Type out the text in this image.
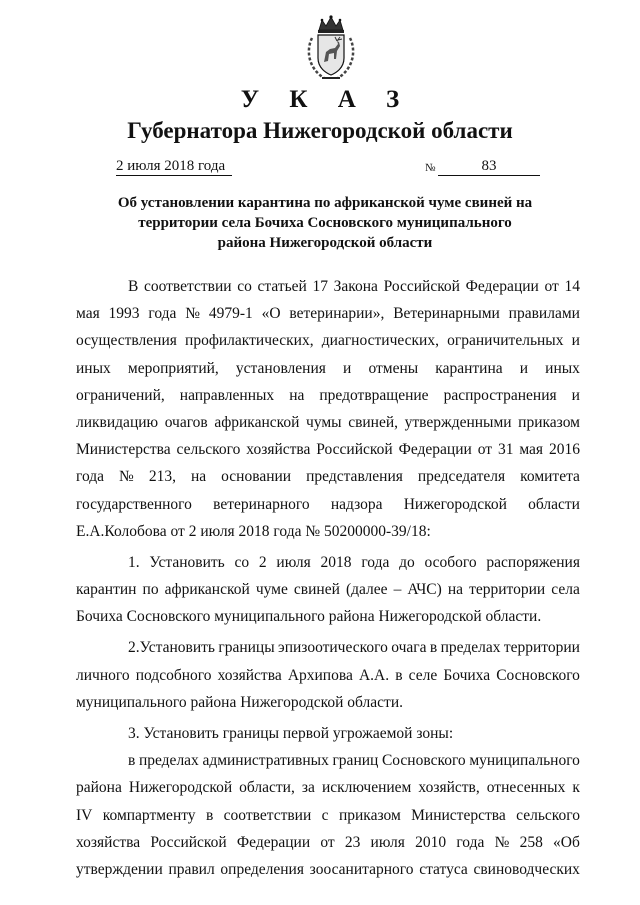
У К А З
Губернатора Нижегородской области
2 июля 2018 года	№	83
Об установлении карантина по африканской чуме свиней на
территории села Бочиха Сосновского муниципального
района Нижегородской области
В соответствии со статьей 17 Закона Российской Федерации от 14
мая 1993 года № 4979-1 «О ветеринарии», Ветеринарными правилами
осуществления профилактических, диагностических, ограничительных и
иных мероприятий, установления и отмены карантина и иных
ограничений, направленных на предотвращение распространения и
ликвидацию очагов африканской чумы свиней, утвержденными приказом
Министерства сельского хозяйства Российской Федерации от 31 мая 2016
года № 213, на основании представления председателя комитета
государственного ветеринарного надзора Нижегородской области
Е.А.Колобова от 2 июля 2018 года № 50200000-39/18:
1. Установить со 2 июля 2018 года до особого распоряжения
карантин по африканской чуме свиней (далее – АЧС) на территории села
Бочиха Сосновского муниципального района Нижегородской области.
2.Установить границы эпизоотического очага в пределах территории
личного подсобного хозяйства Архипова А.А. в селе Бочиха Сосновского
муниципального района Нижегородской области.
3. Установить границы первой угрожаемой зоны:
в пределах административных границ Сосновского муниципального
района Нижегородской области, за исключением хозяйств, отнесенных к
IV компартменту в соответствии с приказом Министерства сельского
хозяйства Российской Федерации от 23 июля 2010 года № 258 «Об
утверждении правил определения зоосанитарного статуса свиноводческих
